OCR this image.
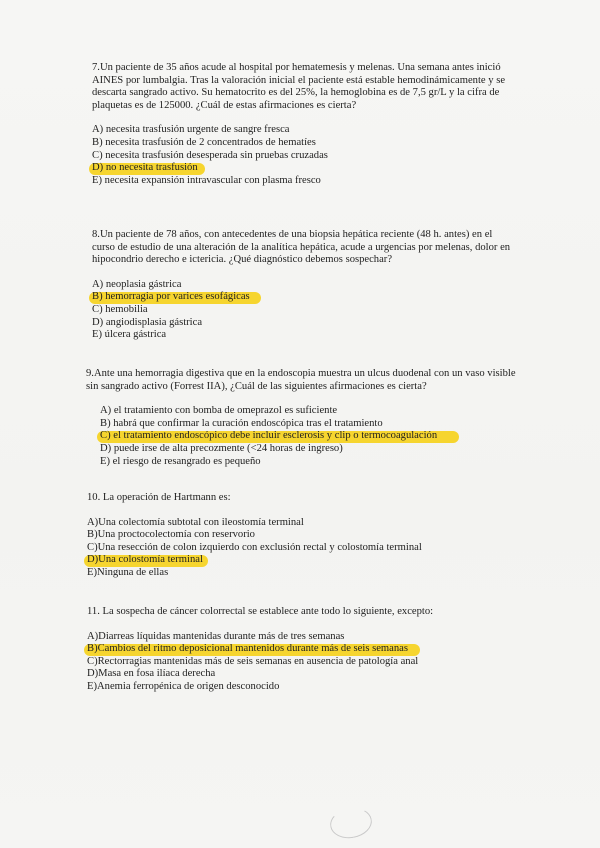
7.Un paciente de 35 años acude al hospital por hematemesis y melenas. Una semana antes inició AINES por lumbalgia. Tras la valoración inicial el paciente está estable hemodinámicamente y se descarta sangrado activo. Su hematocrito es del 25%, la hemoglobina es de 7,5 gr/L y la cifra de plaquetas es de 125000. ¿Cuál de estas afirmaciones es cierta?

A) necesita trasfusión urgente de sangre fresca
B) necesita trasfusión de 2 concentrados de hematíes
C) necesita trasfusión desesperada sin pruebas cruzadas
D) no necesita trasfusión
E) necesita expansión intravascular con plasma fresco

8.Un paciente de 78 años, con antecedentes de una biopsia hepática reciente (48 h. antes) en el curso de estudio de una alteración de la analítica hepática, acude a urgencias por melenas, dolor en hipocondrio derecho e ictericia. ¿Qué diagnóstico debemos sospechar?

A) neoplasia gástrica
B) hemorragia por varices esofágicas
C) hemobilia
D) angiodisplasia gástrica
E) úlcera gástrica

9.Ante una hemorragia digestiva que en la endoscopia muestra un ulcus duodenal con un vaso visible sin sangrado activo (Forrest IIA), ¿Cuál de las siguientes afirmaciones es cierta?

A) el tratamiento con bomba de omeprazol es suficiente
B) habrá que confirmar la curación endoscópica tras el tratamiento
C) el tratamiento endoscópico debe incluir esclerosis y clip o termocoagulación
D) puede irse de alta precozmente (<24 horas de ingreso)
E) el riesgo de resangrado es pequeño

10. La operación de Hartmann es:

A)Una colectomía subtotal con ileostomía terminal
B)Una proctocolectomía con reservorio
C)Una resección de colon izquierdo con exclusión rectal y colostomía terminal
D)Una colostomía terminal
E)Ninguna de ellas

11. La sospecha de cáncer colorrectal se establece ante todo lo siguiente, excepto:

A)Diarreas líquidas mantenidas durante más de tres semanas
B)Cambios del ritmo deposicional mantenidos durante más de seis semanas
C)Rectorragias mantenidas más de seis semanas en ausencia de patología anal
D)Masa en fosa ilíaca derecha
E)Anemia ferropénica de origen desconocido
